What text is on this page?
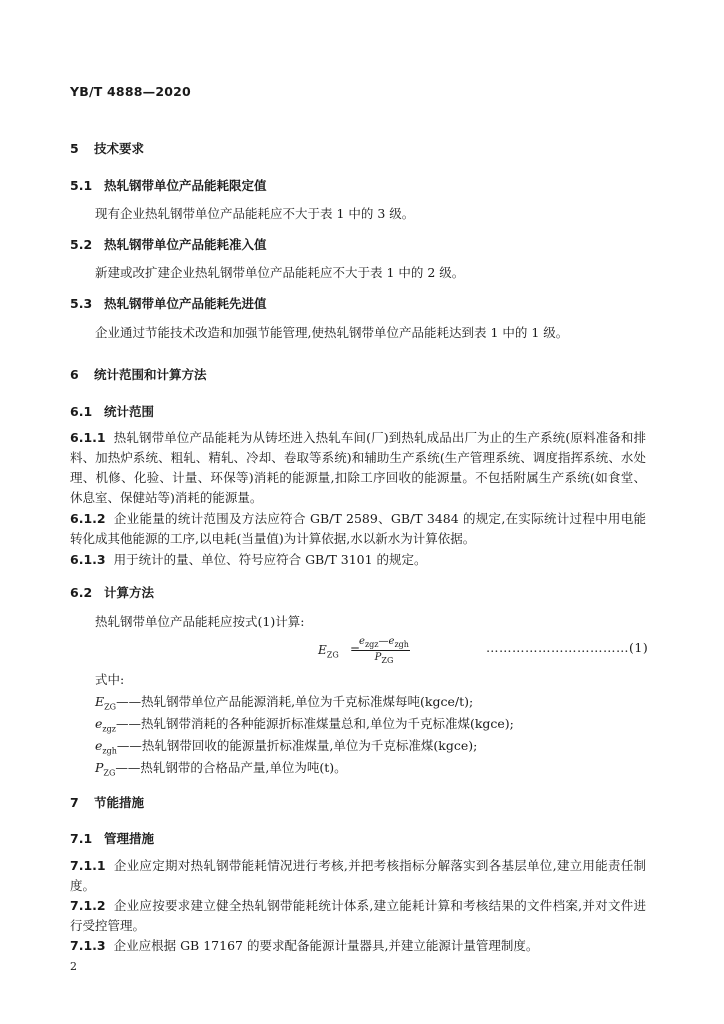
YB/T 4888—2020
5 技术要求
5.1 热轧钢带单位产品能耗限定值
现有企业热轧钢带单位产品能耗应不大于表 1 中的 3 级。
5.2 热轧钢带单位产品能耗准入值
新建或改扩建企业热轧钢带单位产品能耗应不大于表 1 中的 2 级。
5.3 热轧钢带单位产品能耗先进值
企业通过节能技术改造和加强节能管理,使热轧钢带单位产品能耗达到表 1 中的 1 级。
6 统计范围和计算方法
6.1 统计范围
6.1.1 热轧钢带单位产品能耗为从铸坯进入热轧车间(厂)到热轧成品出厂为止的生产系统(原料准备和排料、加热炉系统、粗轧、精轧、冷却、卷取等系统)和辅助生产系统(生产管理系统、调度指挥系统、水处理、机修、化验、计量、环保等)消耗的能源量,扣除工序回收的能源量。不包括附属生产系统(如食堂、休息室、保健站等)消耗的能源量。
6.1.2 企业能量的统计范围及方法应符合 GB/T 2589、GB/T 3484 的规定,在实际统计过程中用电能转化成其他能源的工序,以电耗(当量值)为计算依据,水以新水为计算依据。
6.1.3 用于统计的量、单位、符号应符合 GB/T 3101 的规定。
6.2 计算方法
热轧钢带单位产品能耗应按式(1)计算:
$E_{ZG}$ =
$e_{zgz}—e_{zgh}$
$P_{ZG}$
……………………………(1)
式中:
$E_{ZG}——$热轧钢带单位产品能源消耗,单位为千克标准煤每吨(kgce/t);
$e_{zgz}——$热轧钢带消耗的各种能源折标准煤量总和,单位为千克标准煤(kgce);
$e_{zgh}——$热轧钢带回收的能源量折标准煤量,单位为千克标准煤(kgce);
$P_{ZG}——$热轧钢带的合格品产量,单位为吨(t)。
7 节能措施
7.1 管理措施
7.1.1 企业应定期对热轧钢带能耗情况进行考核,并把考核指标分解落实到各基层单位,建立用能责任制度。
7.1.2 企业应按要求建立健全热轧钢带能耗统计体系,建立能耗计算和考核结果的文件档案,并对文件进行受控管理。
7.1.3 企业应根据 GB 17167 的要求配备能源计量器具,并建立能源计量管理制度。
2
